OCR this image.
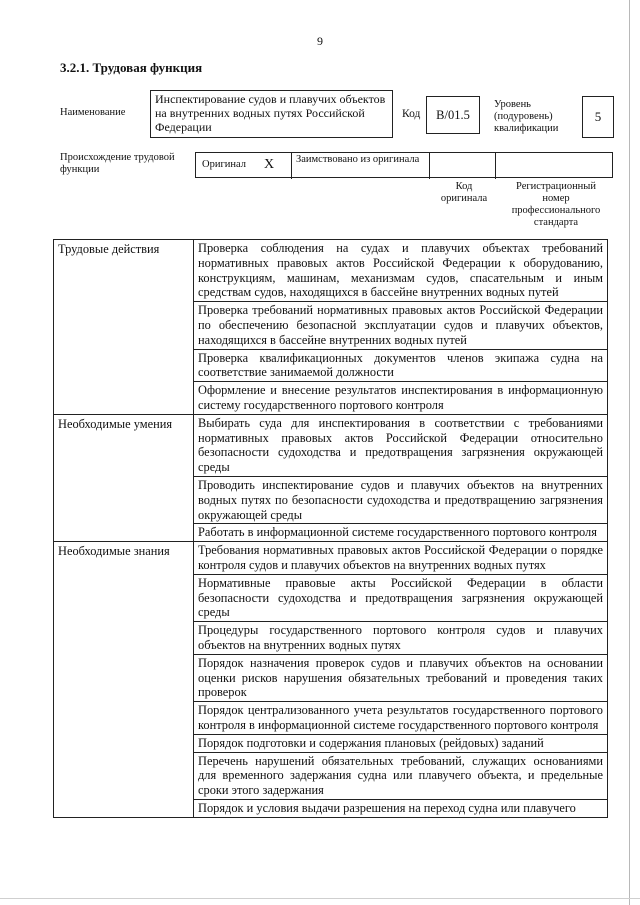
9
3.2.1. Трудовая функция
Наименование
Инспектирование судов и плавучих объектов на внутренних водных путях Российской Федерации
Код B/01.5
Уровень (подуровень) квалификации
5
Происхождение трудовой функции	Оригинал X Заимствовано из оригинала
Код оригинала
Регистрационный номер профессионального стандарта
Трудовые действия	Проверка соблюдения на судах и плавучих объектах требований нормативных правовых актов Российской Федерации к оборудованию, конструкциям, машинам, механизмам судов, спасательным и иным средствам судов, находящихся в бассейне внутренних водных путей
	Проверка требований нормативных правовых актов Российской Федерации по обеспечению безопасной эксплуатации судов и плавучих объектов, находящихся в бассейне внутренних водных путей
	Проверка квалификационных документов членов экипажа судна на соответствие занимаемой должности
	Оформление и внесение результатов инспектирования в информационную систему государственного портового контроля
Необходимые умения	Выбирать суда для инспектирования в соответствии с требованиями нормативных правовых актов Российской Федерации относительно безопасности судоходства и предотвращения загрязнения окружающей среды
	Проводить инспектирование судов и плавучих объектов на внутренних водных путях по безопасности судоходства и предотвращению загрязнения окружающей среды
	Работать в информационной системе государственного портового контроля
Необходимые знания	Требования нормативных правовых актов Российской Федерации о порядке контроля судов и плавучих объектов на внутренних водных путях
	Нормативные правовые акты Российской Федерации в области безопасности судоходства и предотвращения загрязнения окружающей среды
	Процедуры государственного портового контроля судов и плавучих объектов на внутренних водных путях
	Порядок назначения проверок судов и плавучих объектов на основании оценки рисков нарушения обязательных требований и проведения таких проверок
	Порядок централизованного учета результатов государственного портового контроля в информационной системе государственного портового контроля
	Порядок подготовки и содержания плановых (рейдовых) заданий
	Перечень нарушений обязательных требований, служащих основаниями для временного задержания судна или плавучего объекта, и предельные сроки этого задержания
	Порядок и условия выдачи разрешения на переход судна или плавучего
